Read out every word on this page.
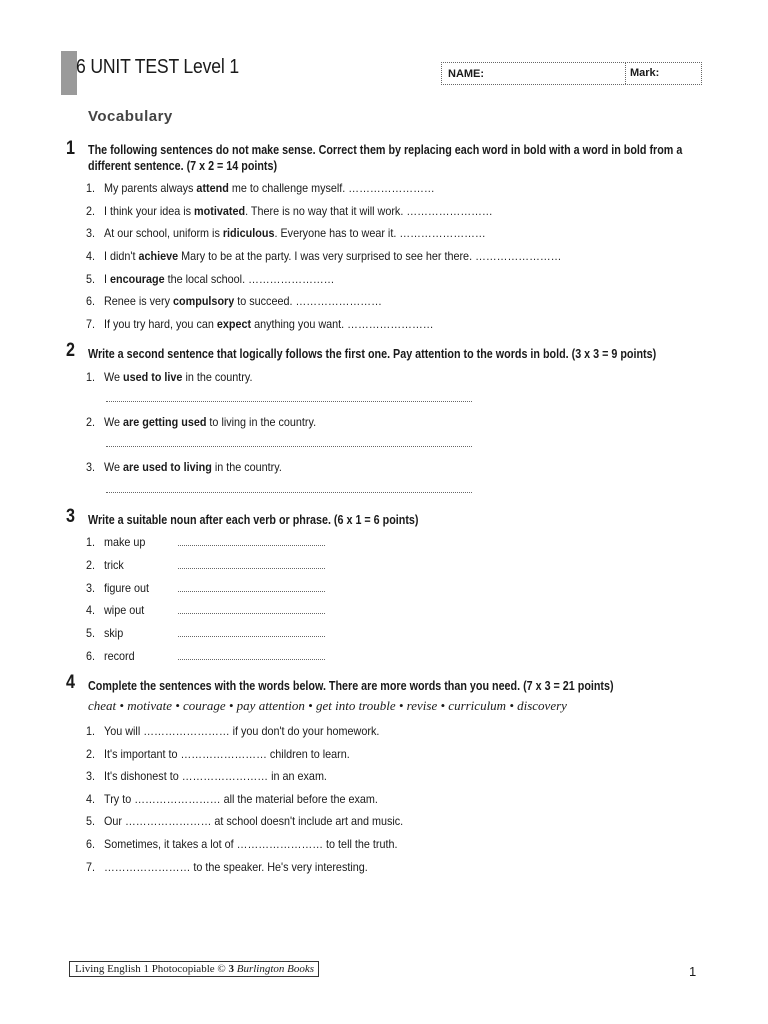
6 UNIT TEST Level 1	NAME:	Mark:
Vocabulary
1 The following sentences do not make sense. Correct them by replacing each word in bold with a word in bold from a
different sentence. (7 x 2 = 14 points)
1. My parents always attend me to challenge myself. ……………………
2. I think your idea is motivated. There is no way that it will work. ……………………
3. At our school, uniform is ridiculous. Everyone has to wear it. ……………………
4. I didn't achieve Mary to be at the party. I was very surprised to see her there. ……………………
5. I encourage the local school. ……………………
6. Renee is very compulsory to succeed. ……………………
7. If you try hard, you can expect anything you want. ……………………
2 Write a second sentence that logically follows the first one. Pay attention to the words in bold. (3 x 3 = 9 points)
1. We used to live in the country.
2. We are getting used to living in the country.
3. We are used to living in the country.
3 Write a suitable noun after each verb or phrase. (6 x 1 = 6 points)
1. make up
2. trick
3. figure out
4. wipe out
5. skip
6. record
4 Complete the sentences with the words below. There are more words than you need. (7 x 3 = 21 points)
cheat • motivate • courage • pay attention • get into trouble • revise • curriculum • discovery
1. You will …………………… if you don't do your homework.
2. It's important to …………………… children to learn.
3. It's dishonest to …………………… in an exam.
4. Try to …………………… all the material before the exam.
5. Our …………………… at school doesn't include art and music.
6. Sometimes, it takes a lot of …………………… to tell the truth.
7. …………………… to the speaker. He's very interesting.
Living English 1 Photocopiable © 3 Burlington Books	1
